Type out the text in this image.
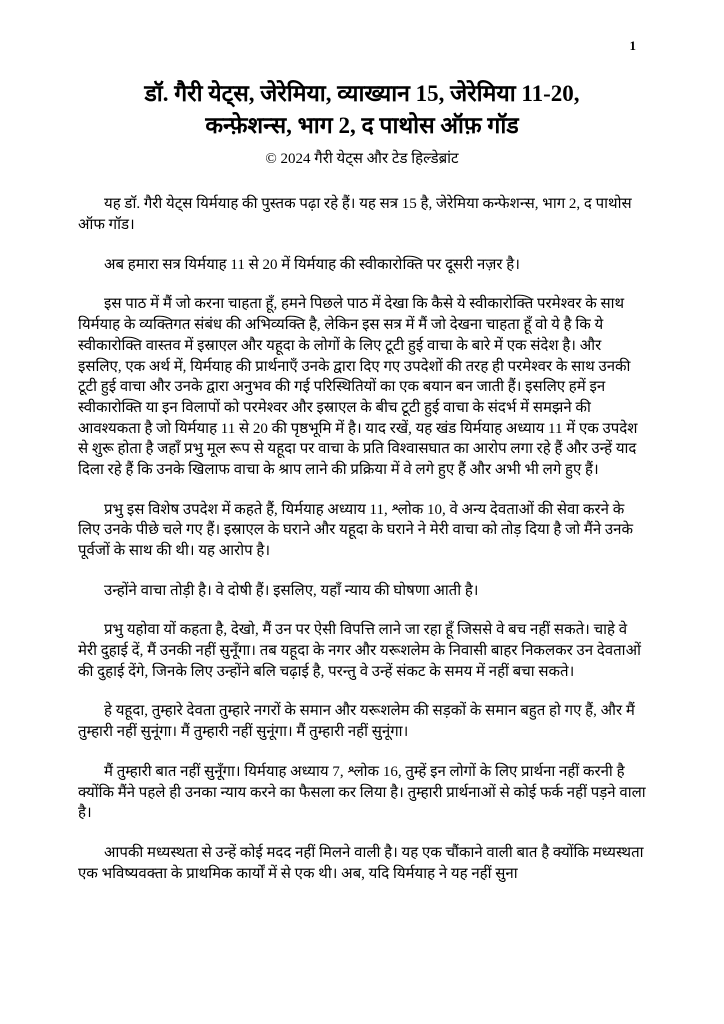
1
डॉ. गैरी येट्स, जेरेमिया, व्याख्यान 15, जेरेमिया 11-20,
कन्फ़ेशन्स, भाग 2, द पाथोस ऑफ़ गॉड
© 2024 गैरी येट्स और टेड हिल्डेब्रांट

यह डॉ. गैरी येट्स यिर्मयाह की पुस्तक पढ़ा रहे हैं। यह सत्र 15 है, जेरेमिया कन्फेशन्स, भाग 2, द पाथोस ऑफ गॉड।

अब हमारा सत्र यिर्मयाह 11 से 20 में यिर्मयाह की स्वीकारोक्ति पर दूसरी नज़र है।

इस पाठ में मैं जो करना चाहता हूँ, हमने पिछले पाठ में देखा कि कैसे ये स्वीकारोक्ति परमेश्वर के साथ यिर्मयाह के व्यक्तिगत संबंध की अभिव्यक्ति है, लेकिन इस सत्र में मैं जो देखना चाहता हूँ वो ये है कि ये स्वीकारोक्ति वास्तव में इस्राएल और यहूदा के लोगों के लिए टूटी हुई वाचा के बारे में एक संदेश है। और इसलिए, एक अर्थ में, यिर्मयाह की प्रार्थनाएँ उनके द्वारा दिए गए उपदेशों की तरह ही परमेश्वर के साथ उनकी टूटी हुई वाचा और उनके द्वारा अनुभव की गई परिस्थितियों का एक बयान बन जाती हैं। इसलिए हमें इन स्वीकारोक्ति या इन विलापों को परमेश्वर और इस्राएल के बीच टूटी हुई वाचा के संदर्भ में समझने की आवश्यकता है जो यिर्मयाह 11 से 20 की पृष्ठभूमि में है। याद रखें, यह खंड यिर्मयाह अध्याय 11 में एक उपदेश से शुरू होता है जहाँ प्रभु मूल रूप से यहूदा पर वाचा के प्रति विश्वासघात का आरोप लगा रहे हैं और उन्हें याद दिला रहे हैं कि उनके खिलाफ वाचा के श्राप लाने की प्रक्रिया में वे लगे हुए हैं और अभी भी लगे हुए हैं।

प्रभु इस विशेष उपदेश में कहते हैं, यिर्मयाह अध्याय 11, श्लोक 10, वे अन्य देवताओं की सेवा करने के लिए उनके पीछे चले गए हैं। इस्राएल के घराने और यहूदा के घराने ने मेरी वाचा को तोड़ दिया है जो मैंने उनके पूर्वजों के साथ की थी। यह आरोप है।

उन्होंने वाचा तोड़ी है। वे दोषी हैं। इसलिए, यहाँ न्याय की घोषणा आती है।

प्रभु यहोवा यों कहता है, देखो, मैं उन पर ऐसी विपत्ति लाने जा रहा हूँ जिससे वे बच नहीं सकते। चाहे वे मेरी दुहाई दें, मैं उनकी नहीं सुनूँगा। तब यहूदा के नगर और यरूशलेम के निवासी बाहर निकलकर उन देवताओं की दुहाई देंगे, जिनके लिए उन्होंने बलि चढ़ाई है, परन्तु वे उन्हें संकट के समय में नहीं बचा सकते।

हे यहूदा, तुम्हारे देवता तुम्हारे नगरों के समान और यरूशलेम की सड़कों के समान बहुत हो गए हैं, और मैं तुम्हारी नहीं सुनूंगा। मैं तुम्हारी नहीं सुनूंगा। मैं तुम्हारी नहीं सुनूंगा।

मैं तुम्हारी बात नहीं सुनूँगा। यिर्मयाह अध्याय 7, श्लोक 16, तुम्हें इन लोगों के लिए प्रार्थना नहीं करनी है क्योंकि मैंने पहले ही उनका न्याय करने का फैसला कर लिया है। तुम्हारी प्रार्थनाओं से कोई फर्क नहीं पड़ने वाला है।

आपकी मध्यस्थता से उन्हें कोई मदद नहीं मिलने वाली है। यह एक चौंकाने वाली बात है क्योंकि मध्यस्थता एक भविष्यवक्ता के प्राथमिक कार्यों में से एक थी। अब, यदि यिर्मयाह ने यह नहीं सुना
